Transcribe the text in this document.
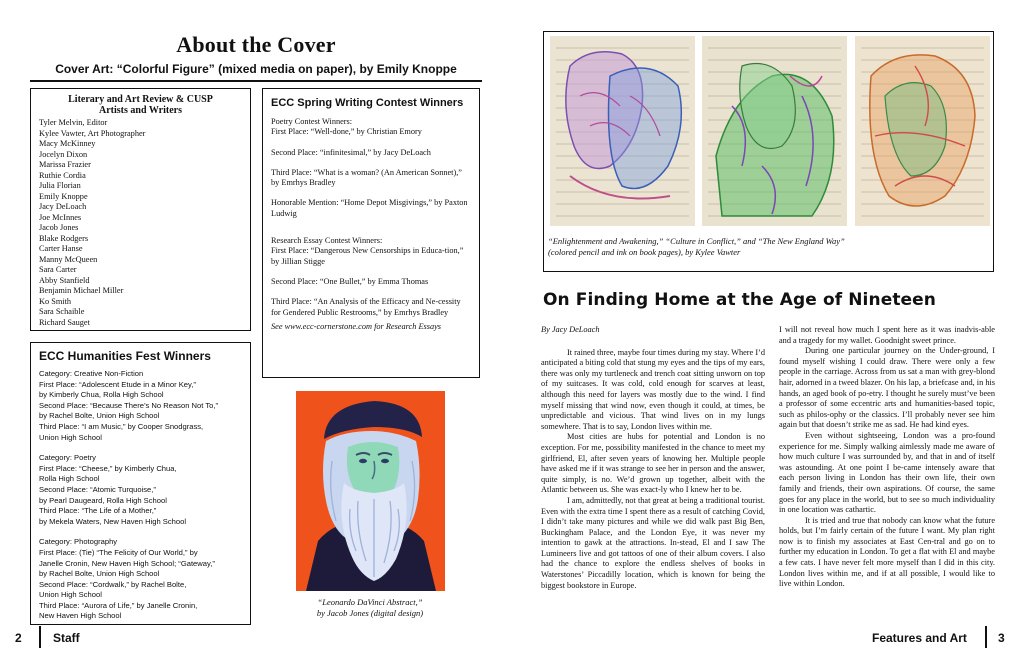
About the Cover
Cover Art: “Colorful Figure” (mixed media on paper), by Emily Knoppe
Literary and Art Review & CUSP
Artists and Writers
Tyler Melvin, Editor
Kylee Vawter, Art Photographer
Macy McKinney
Jocelyn Dixon
Marissa Frazier
Ruthie Cordia
Julia Florian
Emily Knoppe
Jacy DeLoach
Joe McInnes
Jacob Jones
Blake Rodgers
Carter Hanse
Manny McQueen
Sara Carter
Abby Stanfield
Benjamin Michael Miller
Ko Smith
Sara Schaible
Richard Sauget
ECC Spring Writing Contest Winners

Poetry Contest Winners:

First Place: “Well-done,” by Christian Emory

Second Place: “infinitesimal,” by Jacy DeLoach

Third Place: “What is a woman? (An American Sonnet),” by Emrhys Bradley

Honorable Mention: “Home Depot Misgivings,” by Paxton Ludwig

Research Essay Contest Winners:

First Place: “Dangerous New Censorships in Educa-tion,” by Jillian Stigge

Second Place: “One Bullet,” by Emma Thomas

Third Place: “An Analysis of the Efficacy and Ne-cessity for Gendered Public Restrooms,” by Emrhys Bradley

See www.ecc-cornerstone.com for Research Essays

ECC Humanities Fest Winners
Category: Creative Non-Fiction
First Place: “Adolescent Etude in a Minor Key,”
by Kimberly Chua, Rolla High School
Second Place: “Because There’s No Reason Not To,”
by Rachel Bolte, Union High School
Third Place: “I am Music,” by Cooper Snodgrass,
Union High School
Category: Poetry
First Place: “Cheese,” by Kimberly Chua,
Rolla High School
Second Place: “Atomic Turquoise,”
by Pearl Daugeard, Rolla High School
Third Place: “The Life of a Mother,”
by Mekela Waters, New Haven High School
Category: Photography
First Place: (Tie) “The Felicity of Our World,” by
Janelle Cronin, New Haven High School; “Gateway,”
by Rachel Bolte, Union High School
Second Place: “Cordwalk,” by Rachel Bolte,
Union High School
Third Place: “Aurora of Life,” by Janelle Cronin,
New Haven High School
“Leonardo DaVinci Abstract,”
by Jacob Jones (digital design)
2	Staff	Features and Art	3
“Enlightenment and Awakening,” “Culture in Conflict,” and “The New England Way”
(colored pencil and ink on book pages), by Kylee Vawter
On Finding Home at the Age of Nineteen

By Jacy DeLoach

It rained three, maybe four times during my stay. Where I’d anticipated a biting cold that stung my eyes and the tips of my ears, there was only my turtleneck and trench coat sitting unworn on top of my suitcases. It was cold, cold enough for scarves at least, although this need for layers was mostly due to the wind. I find myself missing that wind now, even though it could, at times, be unpredictable and vicious. That wind lives on in my lungs somewhere. That is to say, London lives within me.

Most cities are hubs for potential and London is no exception. For me, possibility manifested in the chance to meet my girlfriend, El, after seven years of knowing her. Multiple people have asked me if it was strange to see her in person and the answer, quite simply, is no. We’d grown up together, albeit with the Atlantic between us. She was exact-ly who I knew her to be.

I am, admittedly, not that great at being a traditional tourist. Even with the extra time I spent there as a result of catching Covid, I didn’t take many pictures and while we did walk past Big Ben, Buckingham Palace, and the London Eye, it was never my intention to gawk at the attractions. In-stead, El and I saw The Lumineers live and got tattoos of one of their album covers. I also had the chance to explore the endless shelves of books in Waterstones’ Piccadilly location, which is known for being the biggest bookstore in Europe.

I will not reveal how much I spent here as it was inadvis-able and a tragedy for my wallet. Goodnight sweet prince.

During one particular journey on the Under-ground, I found myself wishing I could draw. There were only a few people in the carriage. Across from us sat a man with grey-blond hair, adorned in a tweed blazer. On his lap, a briefcase and, in his hands, an aged book of po-etry. I thought he surely must’ve been a professor of some eccentric arts and humanities-based topic, such as philos-ophy or the classics. I’ll probably never see him again but that doesn’t strike me as sad. He had kind eyes.

Even without sightseeing, London was a pro-found experience for me. Simply walking aimlessly made me aware of how much culture I was surrounded by, and that in and of itself was astounding. At one point I be-came intensely aware that each person living in London has their own life, their own family and friends, their own aspirations. Of course, the same goes for any place in the world, but to see so much individuality in one location was cathartic.

It is tried and true that nobody can know what the future holds, but I’m fairly certain of the future I want. My plan right now is to finish my associates at East Cen-tral and go on to further my education in London. To get a flat with El and maybe a few cats. I have never felt more myself than I did in this city. London lives within me, and if at all possible, I would like to live within London.
